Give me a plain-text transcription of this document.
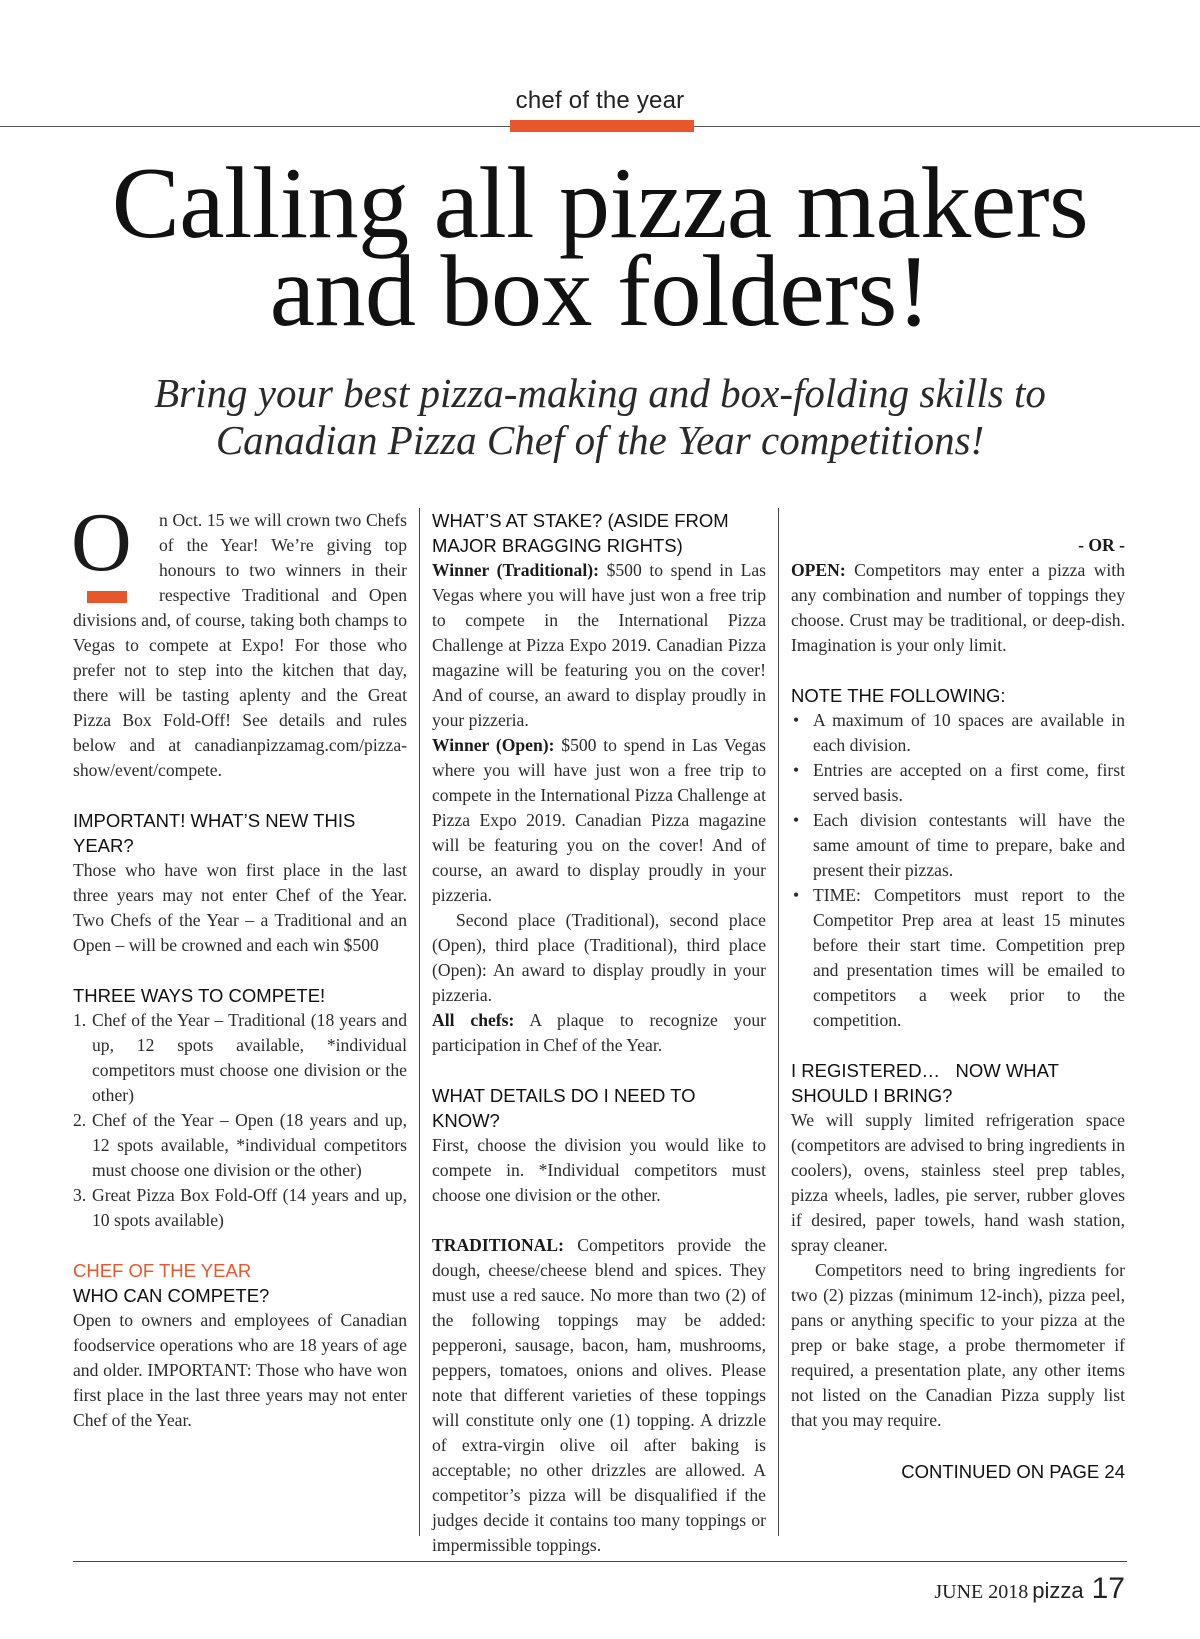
chef of the year
Calling all pizza makers
and box folders!
Bring your best pizza-making and box-folding skills to
Canadian Pizza Chef of the Year competitions!

O n Oct. 15 we will crown two Chefs of the Year! We’re giving top honours to two winners in their respective Traditional and Open divisions and, of course, taking both champs to Vegas to compete at Expo! For those who prefer not to step into the kitchen that day, there will be tasting aplenty and the Great Pizza Box Fold-Off! See details and rules below and at canadianpizzamag.com/pizza-show/event/compete.

IMPORTANT! WHAT’S NEW THIS YEAR?

Those who have won first place in the last three years may not enter Chef of the Year. Two Chefs of the Year – a Traditional and an Open – will be crowned and each win $500

THREE WAYS TO COMPETE!
1. Chef of the Year – Traditional (18 years and up, 12 spots available, *individual competitors must choose one division or the other)
2. Chef of the Year – Open (18 years and up, 12 spots available, *individual competitors must choose one division or the other)
3. Great Pizza Box Fold-Off (14 years and up, 10 spots available)
CHEF OF THE YEAR
WHO CAN COMPETE?

Open to owners and employees of Canadian foodservice operations who are 18 years of age and older. IMPORTANT: Those who have won first place in the last three years may not enter Chef of the Year.

WHAT’S AT STAKE? (ASIDE FROM MAJOR BRAGGING RIGHTS)

Winner (Traditional): $500 to spend in Las Vegas where you will have just won a free trip to compete in the International Pizza Challenge at Pizza Expo 2019. Canadian Pizza magazine will be featuring you on the cover! And of course, an award to display proudly in your pizzeria.

Winner (Open): $500 to spend in Las Vegas where you will have just won a free trip to compete in the International Pizza Challenge at Pizza Expo 2019. Canadian Pizza magazine will be featuring you on the cover! And of course, an award to display proudly in your pizzeria.

Second place (Traditional), second place (Open), third place (Traditional), third place (Open): An award to display proudly in your pizzeria.

All chefs: A plaque to recognize your participation in Chef of the Year.

WHAT DETAILS DO I NEED TO KNOW?

First, choose the division you would like to compete in. *Individual competitors must choose one division or the other.

TRADITIONAL: Competitors provide the dough, cheese/cheese blend and spices. They must use a red sauce. No more than two (2) of the following toppings may be added: pepperoni, sausage, bacon, ham, mushrooms, peppers, tomatoes, onions and olives. Please note that different varieties of these toppings will constitute only one (1) topping. A drizzle of extra-virgin olive oil after baking is acceptable; no other drizzles are allowed. A competitor’s pizza will be disqualified if the judges decide it contains too many toppings or impermissible toppings.

- OR -

OPEN: Competitors may enter a pizza with any combination and number of toppings they choose. Crust may be traditional, or deep-dish. Imagination is your only limit.

NOTE THE FOLLOWING:
• A maximum of 10 spaces are available in each division.
• Entries are accepted on a first come, first served basis.
• Each division contestants will have the same amount of time to prepare, bake and present their pizzas.
• TIME: Competitors must report to the Competitor Prep area at least 15 minutes before their start time. Competition prep and presentation times will be emailed to competitors a week prior to the competition.
I REGISTERED…   NOW WHAT SHOULD I BRING?

We will supply limited refrigeration space (competitors are advised to bring ingredients in coolers), ovens, stainless steel prep tables, pizza wheels, ladles, pie server, rubber gloves if desired, paper towels, hand wash station, spray cleaner.

Competitors need to bring ingredients for two (2) pizzas (minimum 12-inch), pizza peel, pans or anything specific to your pizza at the prep or bake stage, a probe thermometer if required, a presentation plate, any other items not listed on the Canadian Pizza supply list that you may require.

CONTINUED ON PAGE 24
JUNE 2018 pizza 17
